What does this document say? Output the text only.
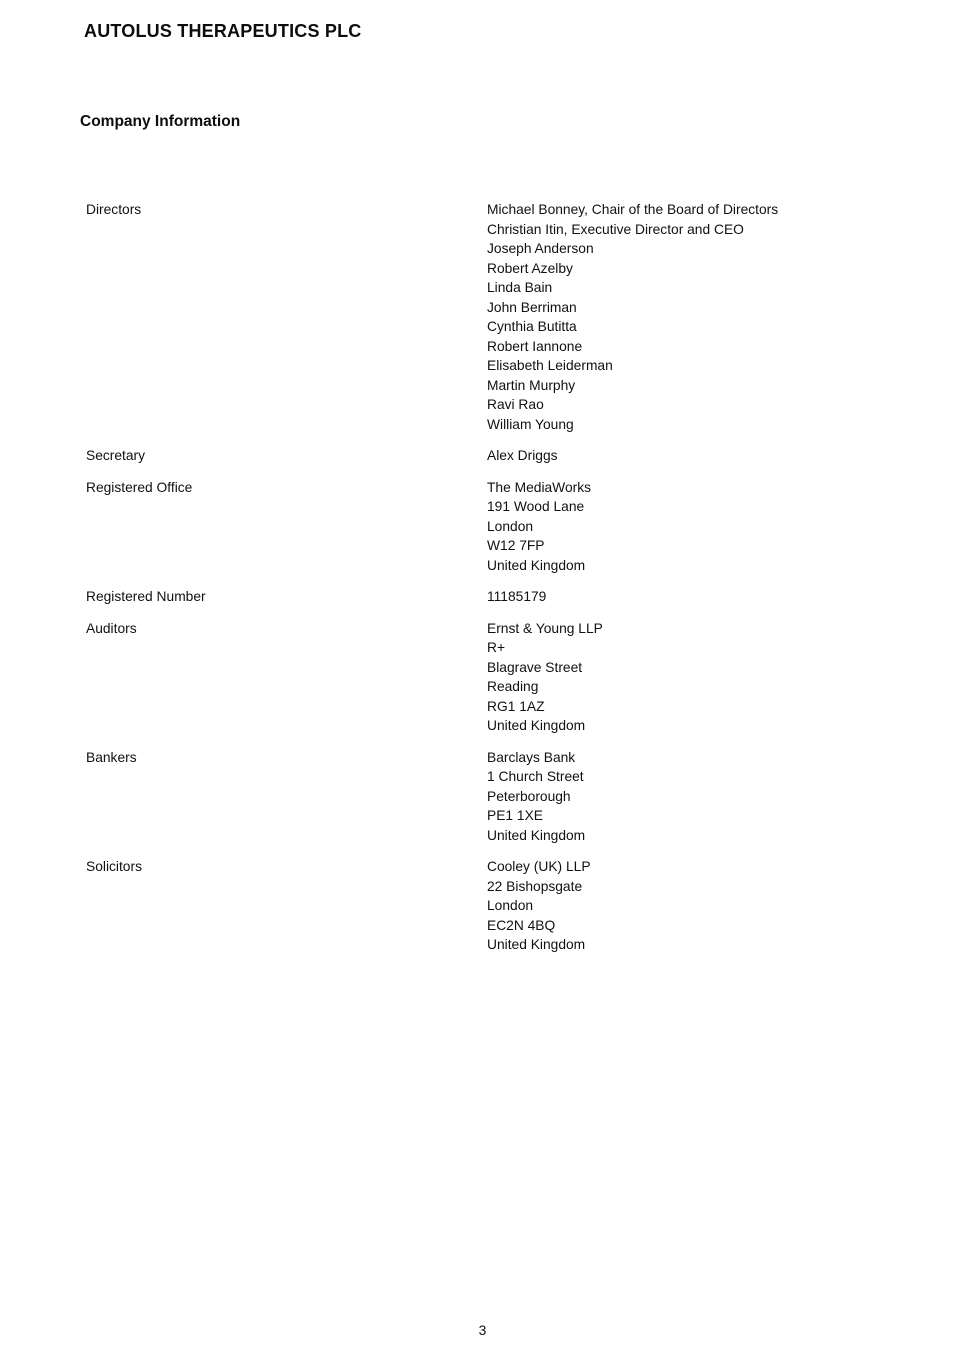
AUTOLUS THERAPEUTICS PLC
Company Information
Directors	Michael Bonney, Chair of the Board of Directors
Christian Itin, Executive Director and CEO
Joseph Anderson
Robert Azelby
Linda Bain
John Berriman
Cynthia Butitta
Robert Iannone
Elisabeth Leiderman
Martin Murphy
Ravi Rao
William Young
Secretary	Alex Driggs
Registered Office	The MediaWorks
191 Wood Lane
London
W12 7FP
United Kingdom
Registered Number	11185179
Auditors	Ernst & Young LLP
R+
Blagrave Street
Reading
RG1 1AZ
United Kingdom
Bankers	Barclays Bank
1 Church Street
Peterborough
PE1 1XE
United Kingdom
Solicitors	Cooley (UK) LLP
22 Bishopsgate
London
EC2N 4BQ
United Kingdom
3
